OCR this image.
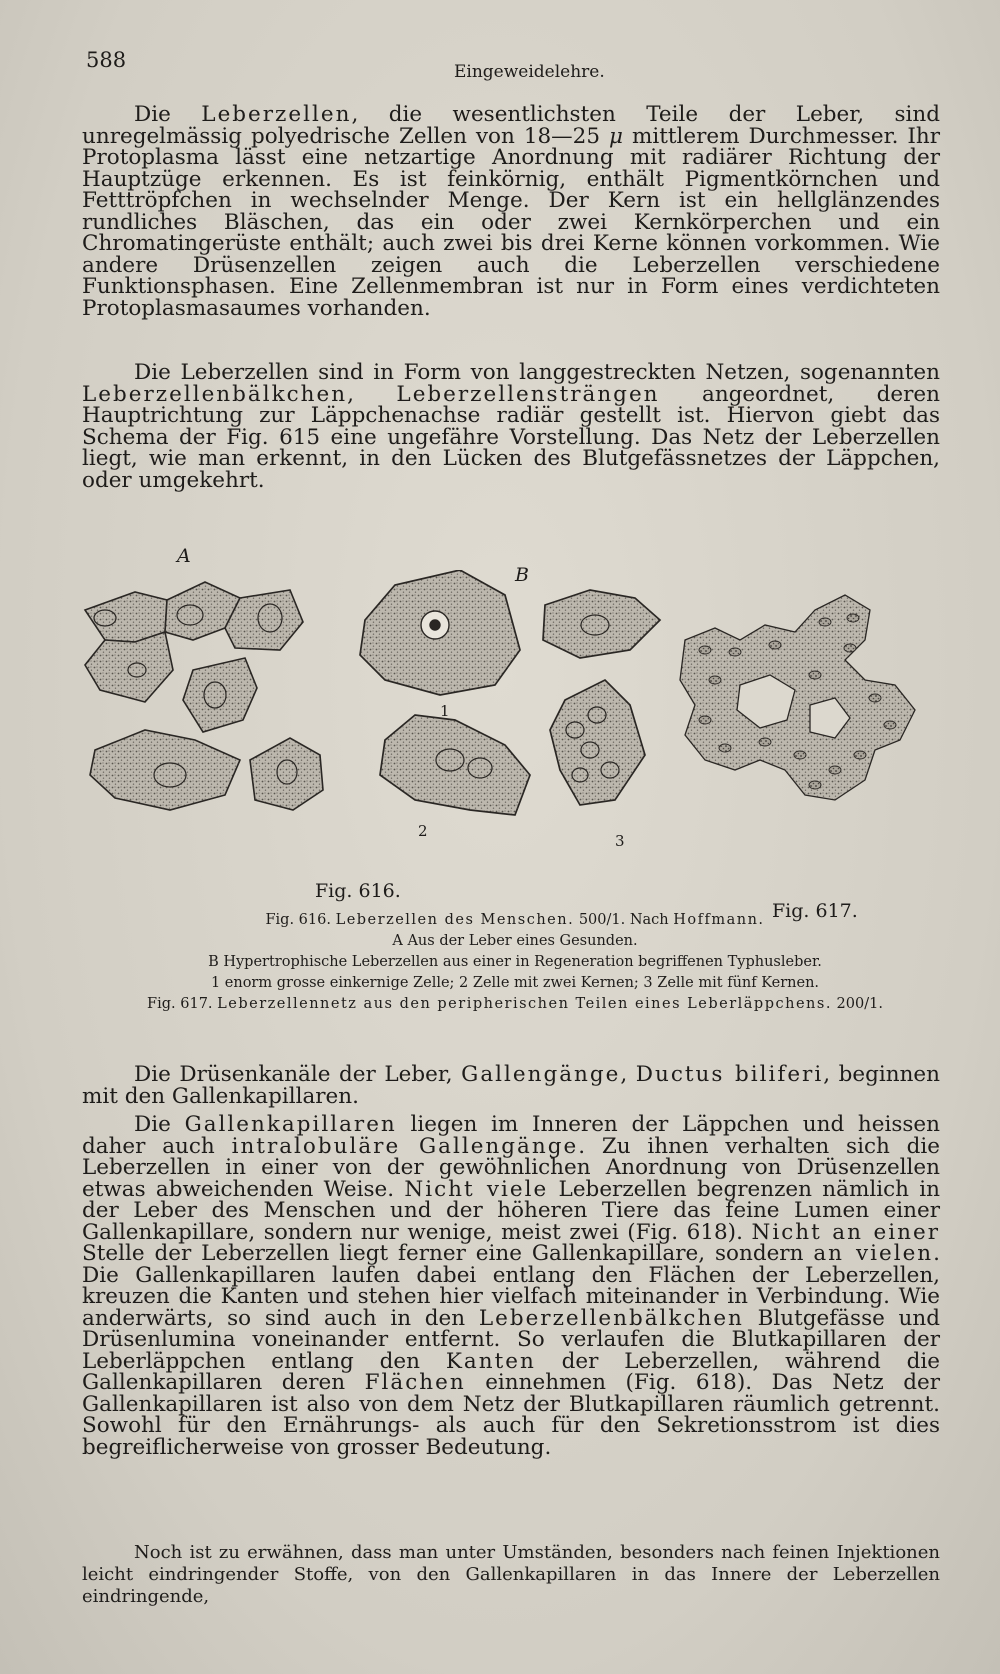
588	Eingeweidelehre.

Die Leberzellen, die wesentlichsten Teile der Leber, sind unregelmässig polyedrische Zellen von 18—25 μ mittlerem Durchmesser. Ihr Protoplasma lässt eine netzartige Anordnung mit radiärer Richtung der Hauptzüge erkennen. Es ist feinkörnig, enthält Pigmentkörnchen und Fetttröpfchen in wechselnder Menge. Der Kern ist ein hellglänzendes rundliches Bläschen, das ein oder zwei Kernkörperchen und ein Chromatingerüste enthält; auch zwei bis drei Kerne können vorkommen. Wie andere Drüsenzellen zeigen auch die Leberzellen verschiedene Funktionsphasen. Eine Zellenmembran ist nur in Form eines verdichteten Protoplasmasaumes vorhanden.

Die Leberzellen sind in Form von langgestreckten Netzen, sogenannten Leberzellenbälkchen, Leberzellensträngen angeordnet, deren Hauptrichtung zur Läppchenachse radiär gestellt ist. Hiervon giebt das Schema der Fig. 615 eine ungefähre Vorstellung. Das Netz der Leberzellen liegt, wie man erkennt, in den Lücken des Blutgefässnetzes der Läppchen, oder umgekehrt.

A
B
1
2
3
Fig. 616.
Fig. 617.

Fig. 616. Leberzellen des Menschen. 500/1. Nach Hoffmann.

A Aus der Leber eines Gesunden.

B Hypertrophische Leberzellen aus einer in Regeneration begriffenen Typhusleber.

1 enorm grosse einkernige Zelle; 2 Zelle mit zwei Kernen; 3 Zelle mit fünf Kernen.

Fig. 617. Leberzellennetz aus den peripherischen Teilen eines Leberläppchens. 200/1.

Die Drüsenkanäle der Leber, Gallengänge, Ductus biliferi, beginnen mit den Gallenkapillaren.

Die Gallenkapillaren liegen im Inneren der Läppchen und heissen daher auch intralobuläre Gallengänge. Zu ihnen verhalten sich die Leberzellen in einer von der gewöhnlichen Anordnung von Drüsenzellen etwas abweichenden Weise. Nicht viele Leberzellen begrenzen nämlich in der Leber des Menschen und der höheren Tiere das feine Lumen einer Gallenkapillare, sondern nur wenige, meist zwei (Fig. 618). Nicht an einer Stelle der Leberzellen liegt ferner eine Gallenkapillare, sondern an vielen. Die Gallenkapillaren laufen dabei entlang den Flächen der Leberzellen, kreuzen die Kanten und stehen hier vielfach miteinander in Verbindung. Wie anderwärts, so sind auch in den Leberzellenbälkchen Blutgefässe und Drüsenlumina voneinander entfernt. So verlaufen die Blutkapillaren der Leberläppchen entlang den Kanten der Leberzellen, während die Gallenkapillaren deren Flächen einnehmen (Fig. 618). Das Netz der Gallenkapillaren ist also von dem Netz der Blutkapillaren räumlich getrennt. Sowohl für den Ernährungs- als auch für den Sekretionsstrom ist dies begreiflicherweise von grosser Bedeutung.

Noch ist zu erwähnen, dass man unter Umständen, besonders nach feinen Injektionen leicht eindringender Stoffe, von den Gallenkapillaren in das Innere der Leberzellen eindringende,
